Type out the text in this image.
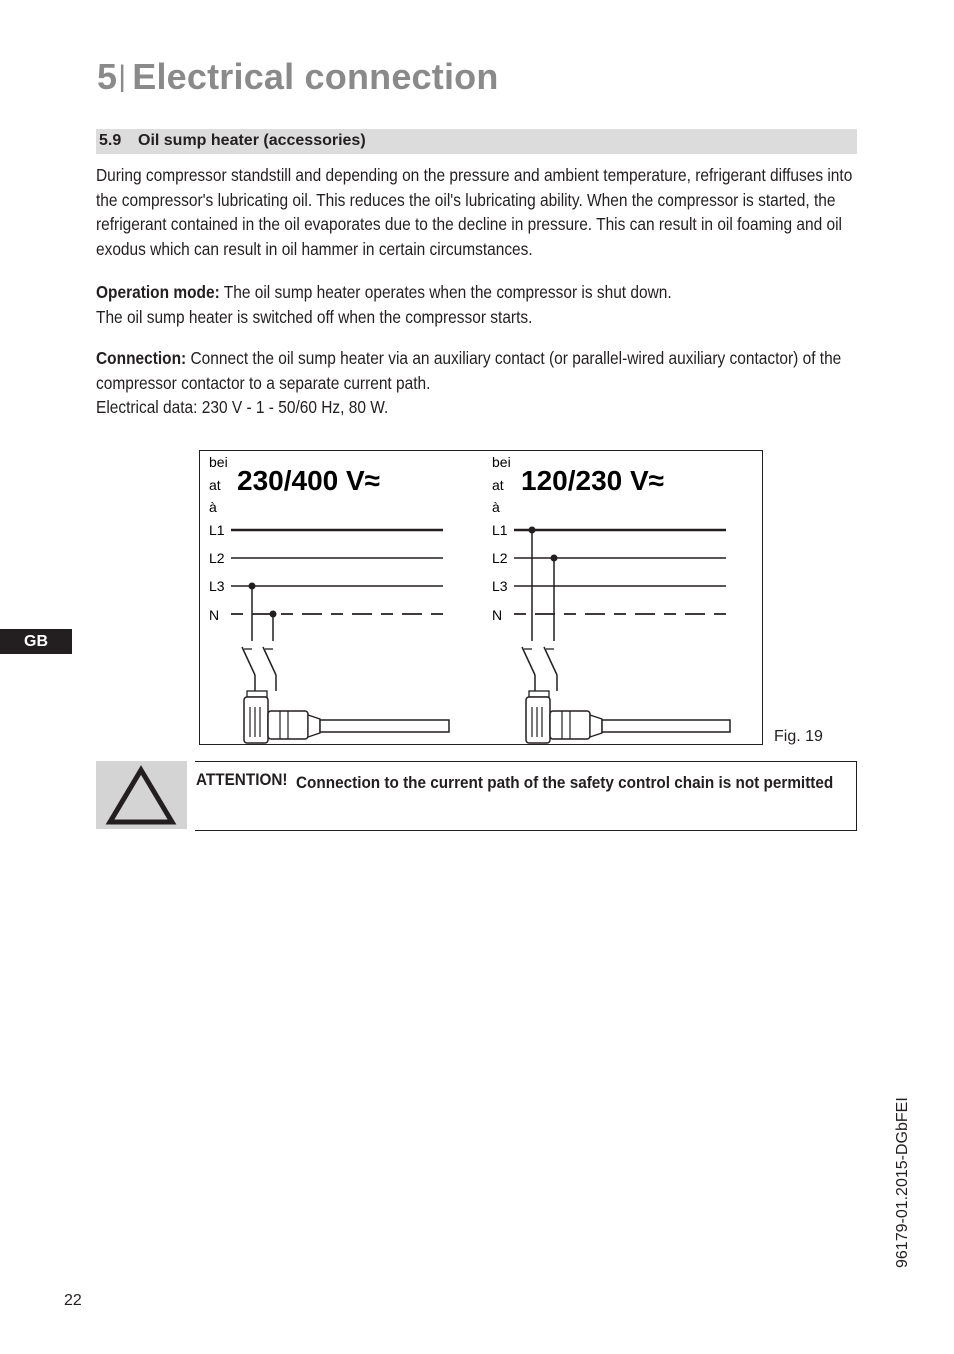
5| Electrical connection
5.9 Oil sump heater (accessories)
During compressor standstill and depending on the pressure and ambient temperature, refrigerant diffuses into the compressor's lubricating oil. This reduces the oil's lubricating ability. When the compressor is started, the refrigerant contained in the oil evaporates due to the decline in pressure. This can result in oil foaming and oil exodus which can result in oil hammer in certain circumstances.
Operation mode: The oil sump heater operates when the compressor is shut down.
The oil sump heater is switched off when the compressor starts.
Connection: Connect the oil sump heater via an auxiliary contact (or parallel-wired auxiliary contactor) of the compressor contactor to a separate current path.
Electrical data: 230 V - 1 - 50/60 Hz, 80 W.
GB
bei
at
à
230/400 V≈
L1
L2
L3
N
bei
at
à
120/230 V≈
L1
L2
L3
N
Fig. 19
ATTENTION! Connection to the current path of the safety control chain is not permitted
96179-01.2015-DGbFEI
22
